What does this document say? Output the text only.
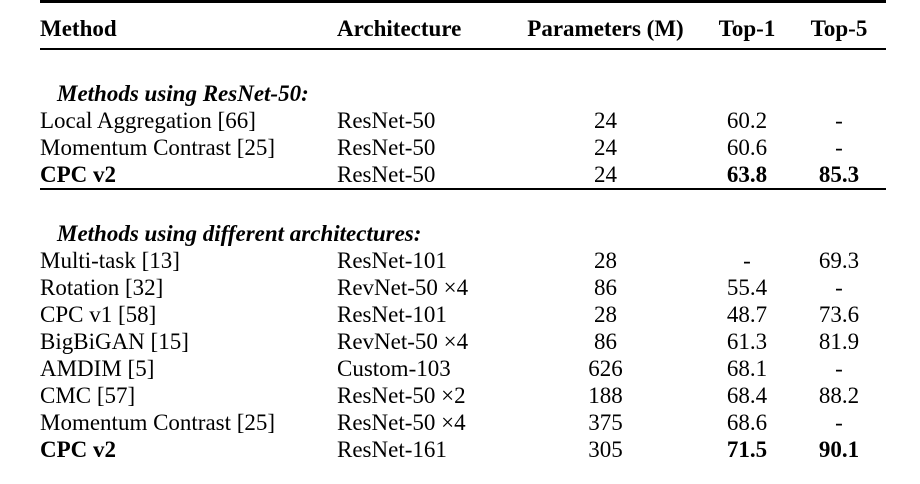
Method	Architecture	Parameters (M)	Top-1	Top-5

Methods using ResNet-50:				
Local Aggregation [66]	ResNet-50	24	60.2	-
Momentum Contrast [25]	ResNet-50	24	60.6	-
CPC v2	ResNet-50	24	63.8	85.3

Methods using different architectures:				
Multi-task [13]	ResNet-101	28	-	69.3
Rotation [32]	RevNet-50 ×4	86	55.4	-
CPC v1 [58]	ResNet-101	28	48.7	73.6
BigBiGAN [15]	RevNet-50 ×4	86	61.3	81.9
AMDIM [5]	Custom-103	626	68.1	-
CMC [57]	ResNet-50 ×2	188	68.4	88.2
Momentum Contrast [25]	ResNet-50 ×4	375	68.6	-
CPC v2	ResNet-161	305	71.5	90.1
